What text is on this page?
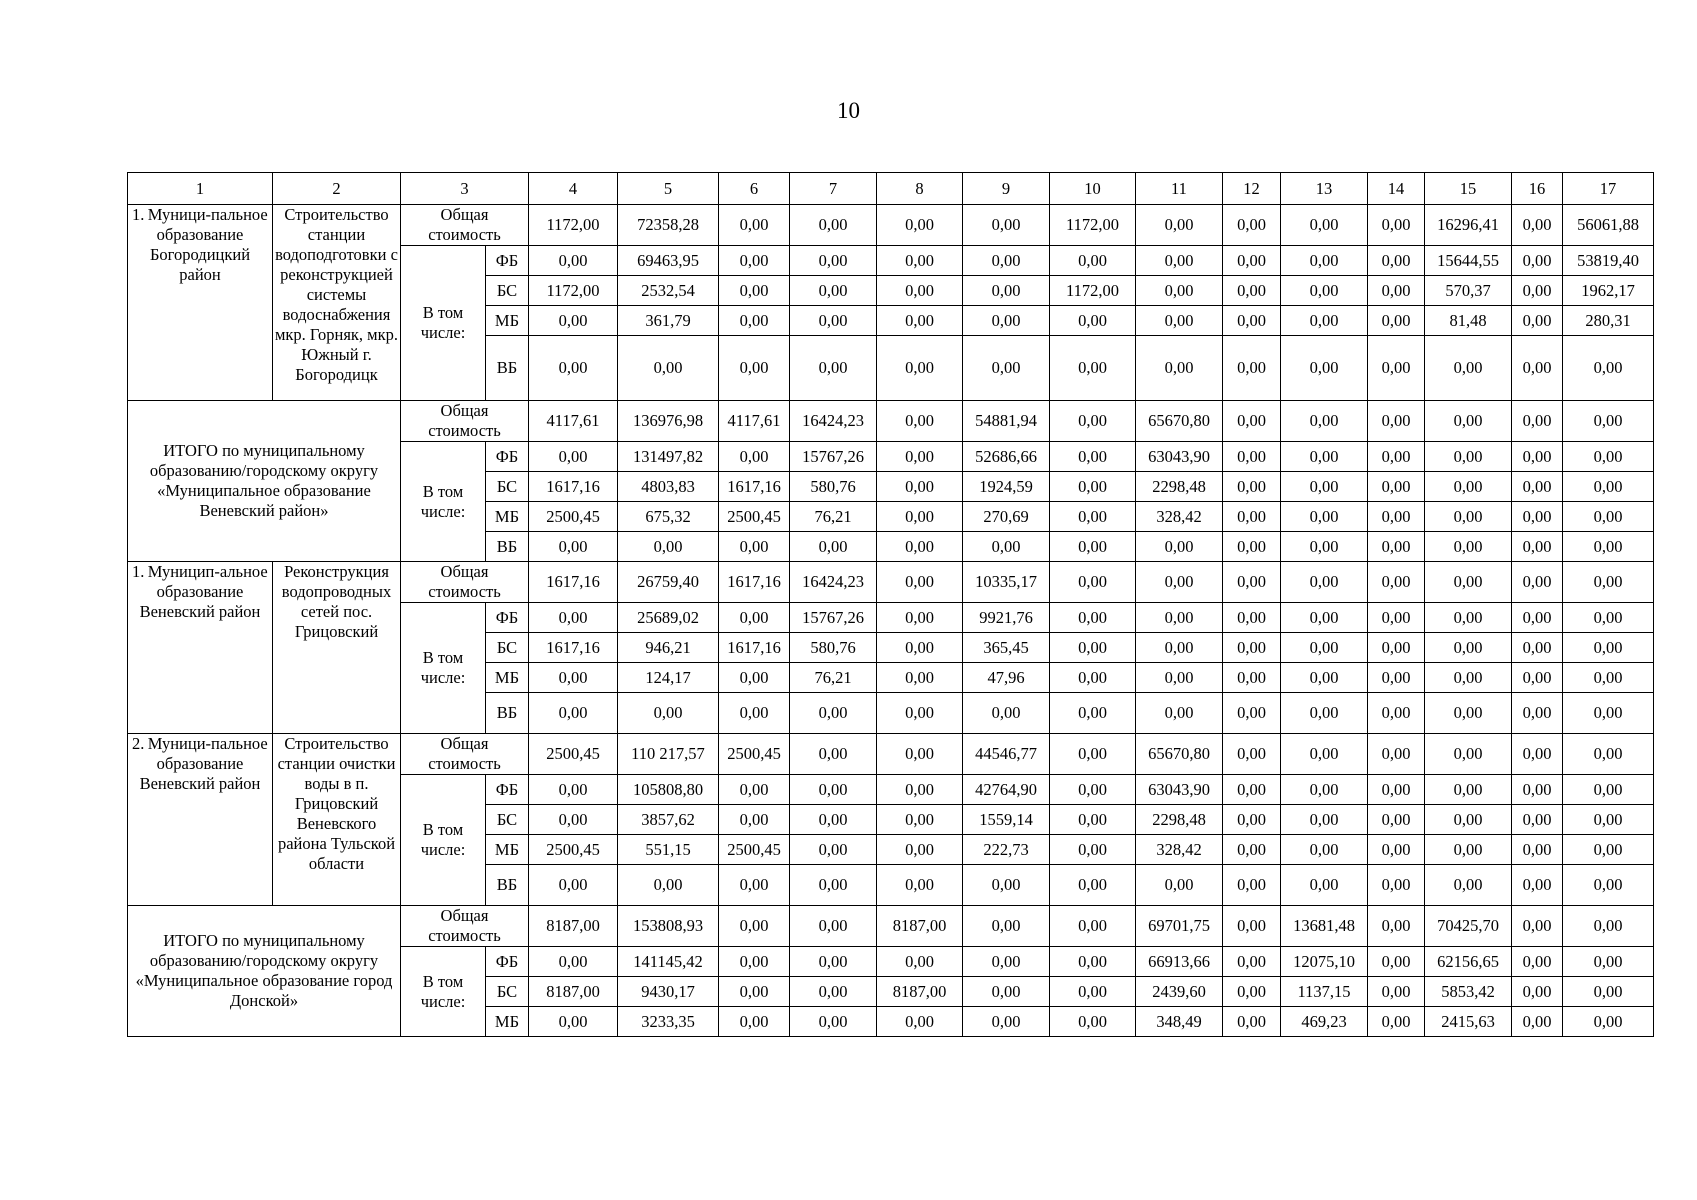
10
1	2	3		4	5	6	7	8	9	10	11	12	13	14	15	16	17

1. Муници-пальное образование Богородицкий район	Строительство станции водоподготовки с реконструкцией системы водоснабжения мкр. Горняк, мкр. Южный г. Богородицк	Общая стоимость		1172,00	72358,28	0,00	0,00	0,00	0,00	1172,00	0,00	0,00	0,00	0,00	16296,41	0,00	56061,88
		В том числе:	ФБ	0,00	69463,95	0,00	0,00	0,00	0,00	0,00	0,00	0,00	0,00	0,00	15644,55	0,00	53819,40
			БС	1172,00	2532,54	0,00	0,00	0,00	0,00	1172,00	0,00	0,00	0,00	0,00	570,37	0,00	1962,17
			МБ	0,00	361,79	0,00	0,00	0,00	0,00	0,00	0,00	0,00	0,00	0,00	81,48	0,00	280,31
			ВБ	0,00	0,00	0,00	0,00	0,00	0,00	0,00	0,00	0,00	0,00	0,00	0,00	0,00	0,00
ИТОГО по муниципальному образованию/городскому округу «Муниципальное образование Веневский район»		Общая стоимость		4117,61	136976,98	4117,61	16424,23	0,00	54881,94	0,00	65670,80	0,00	0,00	0,00	0,00	0,00	0,00
		В том числе:	ФБ	0,00	131497,82	0,00	15767,26	0,00	52686,66	0,00	63043,90	0,00	0,00	0,00	0,00	0,00	0,00
			БС	1617,16	4803,83	1617,16	580,76	0,00	1924,59	0,00	2298,48	0,00	0,00	0,00	0,00	0,00	0,00
			МБ	2500,45	675,32	2500,45	76,21	0,00	270,69	0,00	328,42	0,00	0,00	0,00	0,00	0,00	0,00
			ВБ	0,00	0,00	0,00	0,00	0,00	0,00	0,00	0,00	0,00	0,00	0,00	0,00	0,00	0,00

1. Муницип-альное образование Веневский район	Реконструкция водопроводных сетей пос. Грицовский	Общая стоимость		1617,16	26759,40	1617,16	16424,23	0,00	10335,17	0,00	0,00	0,00	0,00	0,00	0,00	0,00	0,00
		В том числе:	ФБ	0,00	25689,02	0,00	15767,26	0,00	9921,76	0,00	0,00	0,00	0,00	0,00	0,00	0,00	0,00
			БС	1617,16	946,21	1617,16	580,76	0,00	365,45	0,00	0,00	0,00	0,00	0,00	0,00	0,00	0,00
			МБ	0,00	124,17	0,00	76,21	0,00	47,96	0,00	0,00	0,00	0,00	0,00	0,00	0,00	0,00
			ВБ	0,00	0,00	0,00	0,00	0,00	0,00	0,00	0,00	0,00	0,00	0,00	0,00	0,00	0,00

2. Муници-пальное образование Веневский район	Строительство станции очистки воды в п. Грицовский Веневского района Тульской области	Общая стоимость		2500,45	110 217,57	2500,45	0,00	0,00	44546,77	0,00	65670,80	0,00	0,00	0,00	0,00	0,00	0,00
		В том числе:	ФБ	0,00	105808,80	0,00	0,00	0,00	42764,90	0,00	63043,90	0,00	0,00	0,00	0,00	0,00	0,00
			БС	0,00	3857,62	0,00	0,00	0,00	1559,14	0,00	2298,48	0,00	0,00	0,00	0,00	0,00	0,00
			МБ	2500,45	551,15	2500,45	0,00	0,00	222,73	0,00	328,42	0,00	0,00	0,00	0,00	0,00	0,00
			ВБ	0,00	0,00	0,00	0,00	0,00	0,00	0,00	0,00	0,00	0,00	0,00	0,00	0,00	0,00
ИТОГО по муниципальному образованию/городскому округу «Муниципальное образование город Донской»		Общая стоимость		8187,00	153808,93	0,00	0,00	8187,00	0,00	0,00	69701,75	0,00	13681,48	0,00	70425,70	0,00	0,00
		В том числе:	ФБ	0,00	141145,42	0,00	0,00	0,00	0,00	0,00	66913,66	0,00	12075,10	0,00	62156,65	0,00	0,00
			БС	8187,00	9430,17	0,00	0,00	8187,00	0,00	0,00	2439,60	0,00	1137,15	0,00	5853,42	0,00	0,00
			МБ	0,00	3233,35	0,00	0,00	0,00	0,00	0,00	348,49	0,00	469,23	0,00	2415,63	0,00	0,00
